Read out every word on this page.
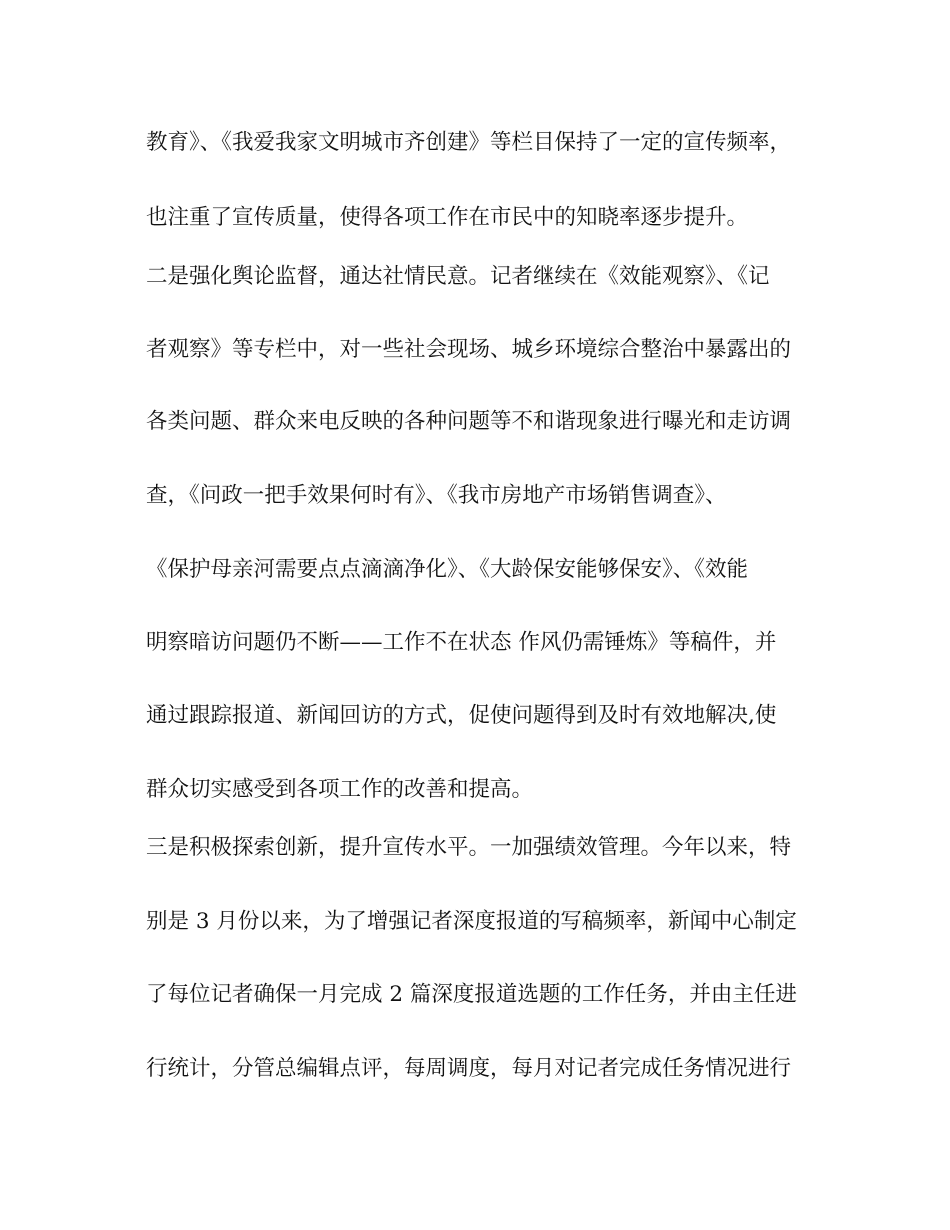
教育》、《我爱我家文明城市齐创建》等栏目保持了一定的宣传频率，

也注重了宣传质量，使得各项工作在市民中的知晓率逐步提升。

二是强化舆论监督，通达社情民意。记者继续在《效能观察》、《记

者观察》等专栏中，对一些社会现场、城乡环境综合整治中暴露出的

各类问题、群众来电反映的各种问题等不和谐现象进行曝光和走访调

查，《问政一把手效果何时有》、《我市房地产市场销售调查》、

《保护母亲河需要点点滴滴净化》、《大龄保安能够保安》、《效能

明察暗访问题仍不断——工作不在状态 作风仍需锤炼》等稿件，并

通过跟踪报道、新闻回访的方式，促使问题得到及时有效地解决,使

群众切实感受到各项工作的改善和提高。

三是积极探索创新，提升宣传水平。一加强绩效管理。今年以来，特

别是 3 月份以来，为了增强记者深度报道的写稿频率，新闻中心制定

了每位记者确保一月完成 2 篇深度报道选题的工作任务，并由主任进

行统计，分管总编辑点评，每周调度，每月对记者完成任务情况进行
